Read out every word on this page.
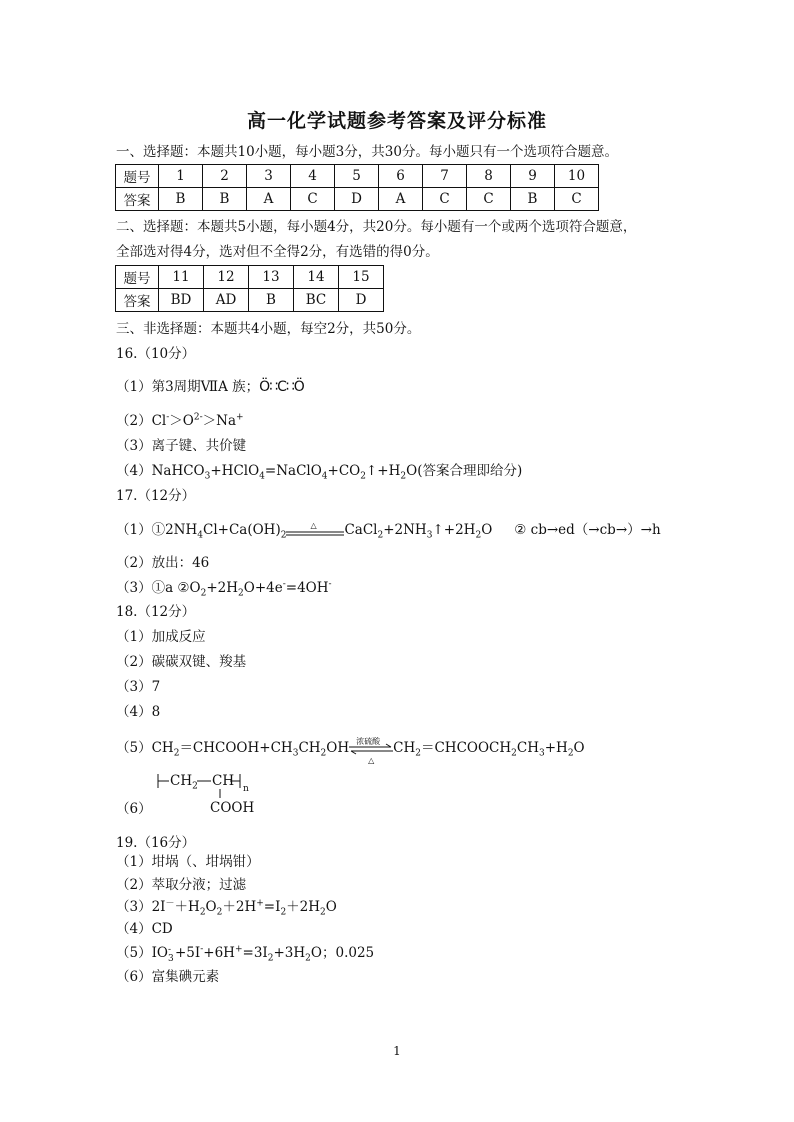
高一化学试题参考答案及评分标准
一、选择题：本题共10小题，每小题3分，共30分。每小题只有一个选项符合题意。
题号	1	2	3	4	5	6	7	8	9	10
答案	B	B	A	C	D	A	C	C	B	C
二、选择题：本题共5小题，每小题4分，共20分。每小题有一个或两个选项符合题意，
全部选对得4分，选对但不全得2分，有选错的得0分。
题号	11	12	13	14	15
答案	BD	AD	B	BC	D
三、非选择题：本题共4小题，每空2分，共50分。
16.（10分）
（1）第3周期ⅦA 族；Ö∷C∷Ö
$(2)Cl^->O^{2-}>Na^+$
（3）离子键、共价键
$(4)NaHCO_3+HClO_4=NaClO_4+CO_2↑+H_2O$(答案合理即给分)
17.（12分）
$(1)①2NH_4Cl+Ca(OH)_2$
△ $CaCl_2+2NH_3↑+2H_2O$ ② cb→ed（→cb→）→h
（2）放出：46
（3）①a $②O_2+2H_2O+4e^-=4OH^-$
18.（12分）
（1）加成反应
（2）碳碳双键、羧基
（3）7
（4）8
$(5)CH_2=CHCOOH+CH_3CH_2OH$ 浓硫酸
△
$CH_2=CHCOOCH_2CH_3+H_2O$
（6）
$CH_2$ CH n
COOH
19.（16分）
（1）坩埚（、坩埚钳）
（2）萃取分液；过滤
$(3)2I^-+H_2O_2+2H^+=I_2+2H_2O$
（4）CD
（5）IO -
$3 +5I^-+6H^+=3I_2+3H_2O$；0.025
（6）富集碘元素
1
